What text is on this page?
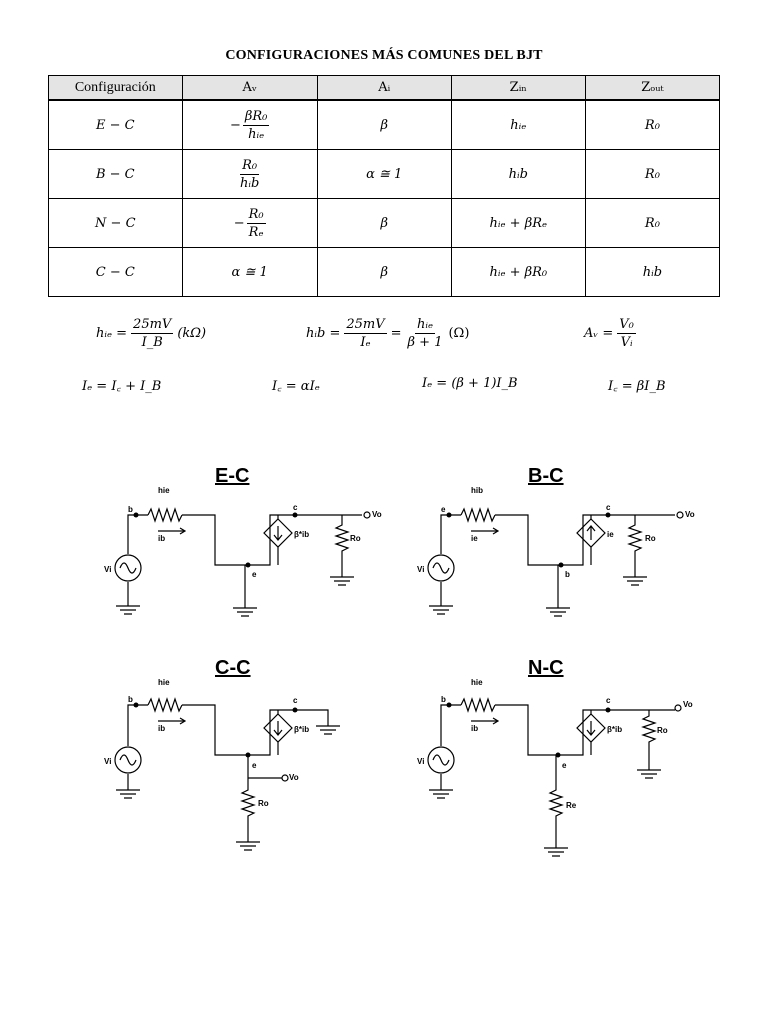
CONFIGURACIONES MÁS COMUNES DEL BJT
Configuración	Aᵥ	Aᵢ	Zᵢₙ	Zₒᵤₜ
E − C	− $\frac{\text{βR₀}}{\text{hᵢₑ}}$	β	hᵢₑ	R₀
B − C	$\frac{\text{R₀}}{\text{hᵢb}}$	α ≅ 1	hᵢb	R₀
N − C	− $\frac{\text{R₀}}{\text{Rₑ}}$	β	hᵢₑ + βRₑ	R₀
C − C	α ≅ 1	β	hᵢₑ + βR₀	hᵢb
hᵢₑ = $\frac{25mV}{I\_B} (k\Omega)$	hᵢb = $\frac{25mV}{\text{Iₑ}} = \frac{\text{hᵢₑ}}{\beta + 1} (\Omega)$	Aᵥ = $\frac{\text{V₀}}{\text{Vᵢ}}$
Iₑ = I꜀ + I_B	I꜀ = αIₑ	Iₑ = (β + 1)I_B	I꜀ = βI_B
E-C
b
hie
ib
c
β*ib
e
Ro
Vo
Vi
B-C
e
hib
ie
c
ie
b
Ro
Vo
Vi
C-C
b
hie
ib
c
β*ib
e
Ro
Vo
Vi
N-C
b
hie
ib
c
β*ib
e
Ro
Re
Vo
Vi
